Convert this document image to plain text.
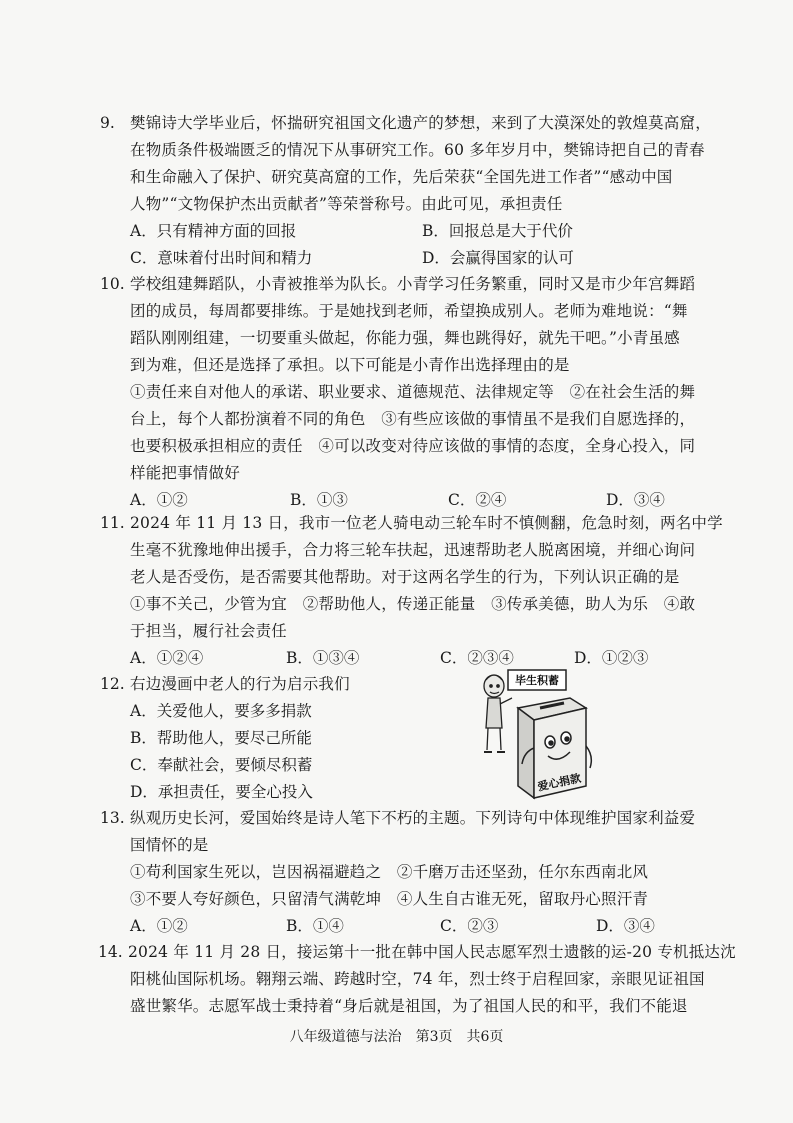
9. 樊锦诗大学毕业后，怀揣研究祖国文化遗产的梦想，来到了大漠深处的敦煌莫高窟，
在物质条件极端匮乏的情况下从事研究工作。60 多年岁月中，樊锦诗把自己的青春
和生命融入了保护、研究莫高窟的工作，先后荣获“全国先进工作者”“感动中国
人物”“文物保护杰出贡献者”等荣誉称号。由此可见，承担责任
A．只有精神方面的回报	B．回报总是大于代价
C．意味着付出时间和精力	D．会赢得国家的认可
10. 学校组建舞蹈队，小青被推举为队长。小青学习任务繁重，同时又是市少年宫舞蹈
团的成员，每周都要排练。于是她找到老师，希望换成别人。老师为难地说：“舞
蹈队刚刚组建，一切要重头做起，你能力强，舞也跳得好，就先干吧。”小青虽感
到为难，但还是选择了承担。以下可能是小青作出选择理由的是
①责任来自对他人的承诺、职业要求、道德规范、法律规定等　②在社会生活的舞
台上，每个人都扮演着不同的角色　③有些应该做的事情虽不是我们自愿选择的，
也要积极承担相应的责任　④可以改变对待应该做的事情的态度，全身心投入，同
样能把事情做好
A．①②	B．①③	C．②④	D．③④
11. 2024 年 11 月 13 日，我市一位老人骑电动三轮车时不慎侧翻，危急时刻，两名中学
生毫不犹豫地伸出援手，合力将三轮车扶起，迅速帮助老人脱离困境，并细心询问
老人是否受伤，是否需要其他帮助。对于这两名学生的行为，下列认识正确的是
①事不关己，少管为宜　②帮助他人，传递正能量　③传承美德，助人为乐　④敢
于担当，履行社会责任
A．①②④	B．①③④	C．②③④	D．①②③
12. 右边漫画中老人的行为启示我们
A．关爱他人，要多多捐款
B．帮助他人，要尽己所能
C．奉献社会，要倾尽积蓄
D．承担责任，要全心投入
毕生积蓄
爱心捐款
13. 纵观历史长河，爱国始终是诗人笔下不朽的主题。下列诗句中体现维护国家利益爱
国情怀的是
①苟利国家生死以，岂因祸福避趋之　②千磨万击还坚劲，任尔东西南北风
③不要人夸好颜色，只留清气满乾坤　④人生自古谁无死，留取丹心照汗青
A．①②	B．①④	C．②③	D．③④
14. 2024 年 11 月 28 日，接运第十一批在韩中国人民志愿军烈士遗骸的运-20 专机抵达沈
阳桃仙国际机场。翱翔云端、跨越时空，74 年，烈士终于启程回家，亲眼见证祖国
盛世繁华。志愿军战士秉持着“身后就是祖国，为了祖国人民的和平，我们不能退
八年级道德与法治　第3页　共6页
